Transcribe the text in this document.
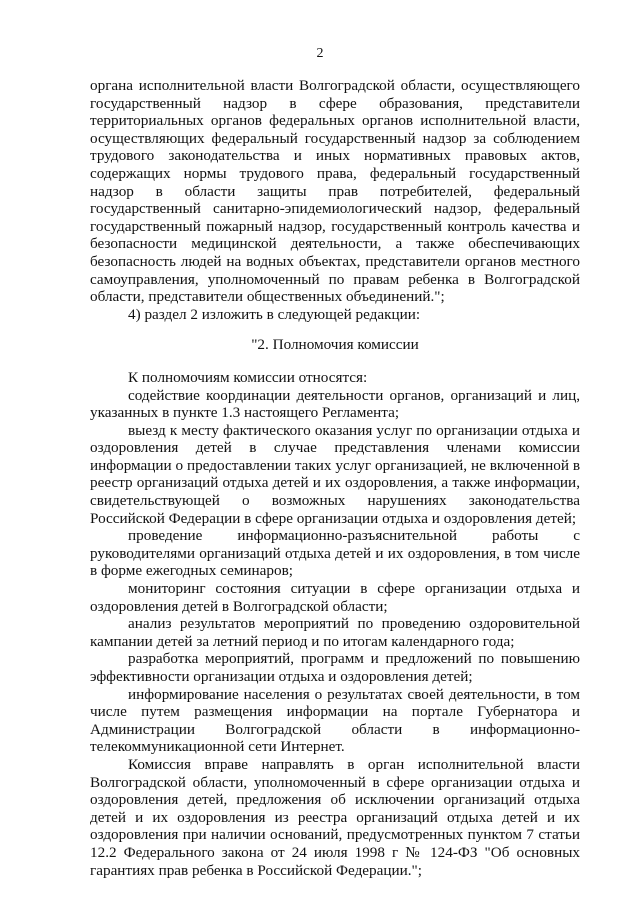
2

органа исполнительной власти Волгоградской области, осуществляющего государственный надзор в сфере образования, представители территориальных органов федеральных органов исполнительной власти, осуществляющих федеральный государственный надзор за соблюдением трудового законодательства и иных нормативных правовых актов, содержащих нормы трудового права, федеральный государственный надзор в области защиты прав потребителей, федеральный государственный санитарно-эпидемиологический надзор, федеральный государственный пожарный надзор, государственный контроль качества и безопасности медицинской деятельности, а также обеспечивающих безопасность людей на водных объектах, представители органов местного самоуправления, уполномоченный по правам ребенка в Волгоградской области, представители общественных объединений.";

4) раздел 2 изложить в следующей редакции:

"2. Полномочия комиссии

К полномочиям комиссии относятся:

содействие координации деятельности органов, организаций и лиц, указанных в пункте 1.3 настоящего Регламента;

выезд к месту фактического оказания услуг по организации отдыха и оздоровления детей в случае представления членами комиссии информации о предоставлении таких услуг организацией, не включенной в реестр организаций отдыха детей и их оздоровления, а также информации, свидетельствующей о возможных нарушениях законодательства Российской Федерации в сфере организации отдыха и оздоровления детей;

проведение информационно-разъяснительной работы с руководителями организаций отдыха детей и их оздоровления, в том числе в форме ежегодных семинаров;

мониторинг состояния ситуации в сфере организации отдыха и оздоровления детей в Волгоградской области;

анализ результатов мероприятий по проведению оздоровительной кампании детей за летний период и по итогам календарного года;

разработка мероприятий, программ и предложений по повышению эффективности организации отдыха и оздоровления детей;

информирование населения о результатах своей деятельности, в том числе путем размещения информации на портале Губернатора и Администрации Волгоградской области в информационно-телекоммуникационной сети Интернет.

Комиссия вправе направлять в орган исполнительной власти Волгоградской области, уполномоченный в сфере организации отдыха и оздоровления детей, предложения об исключении организаций отдыха детей и их оздоровления из реестра организаций отдыха детей и их оздоровления при наличии оснований, предусмотренных пунктом 7 статьи 12.2 Федерального закона от 24 июля 1998 г № 124-ФЗ "Об основных гарантиях прав ребенка в Российской Федерации.";
